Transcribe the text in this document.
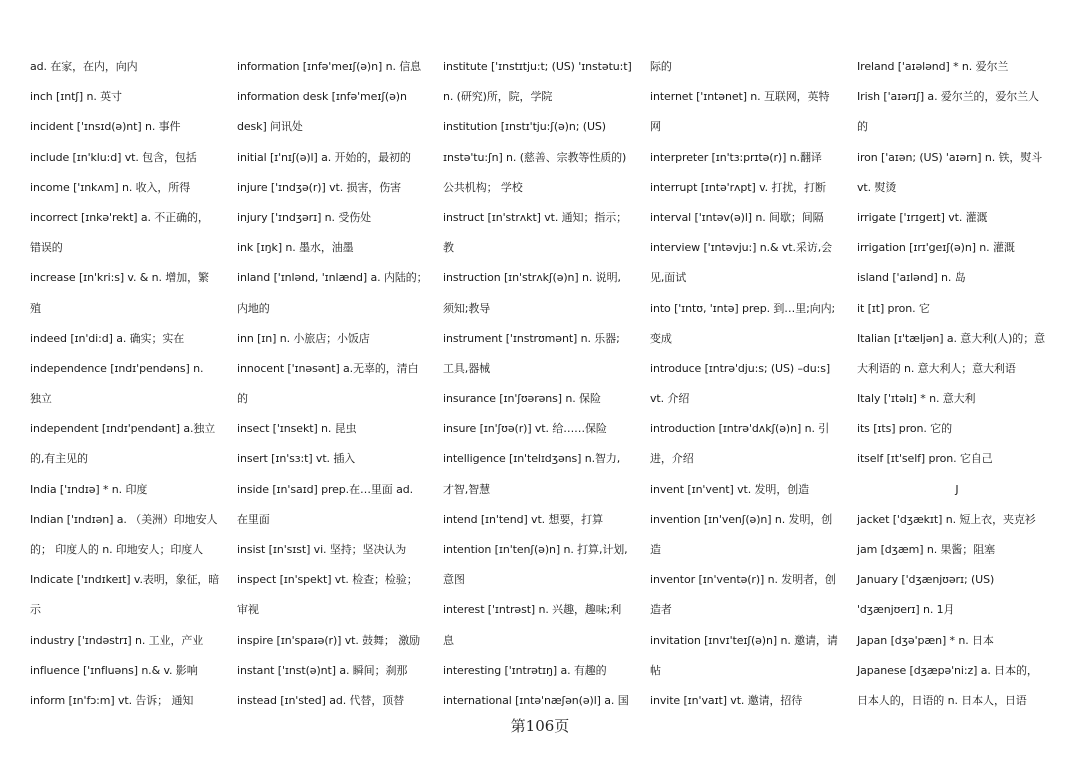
ad. 在家，在内，向内
inch [ɪntʃ] n. 英寸
incident ['ɪnsɪd(ə)nt] n. 事件
include [ɪn'klu:d] vt. 包含，包括
income ['ɪnkʌm] n. 收入，所得
incorrect [ɪnkə'rekt] a. 不正确的，
错误的
increase [ɪn'kri:s] v. & n. 增加，繁
殖
indeed [ɪn'di:d] a. 确实；实在
independence [ɪndɪ'pendəns] n.
独立
independent [ɪndɪ'pendənt] a.独立
的,有主见的
India ['ɪndɪə] * n. 印度
Indian ['ɪndɪən] a. （美洲）印地安人
的； 印度人的 n. 印地安人；印度人
Indicate ['ɪndɪkeɪt] v.表明，象征，暗
示
industry ['ɪndəstrɪ] n. 工业，产业
influence ['ɪnfluəns] n.& v. 影响
inform [ɪn'fɔ:m] vt. 告诉； 通知
information [ɪnfə'meɪʃ(ə)n] n. 信息
information desk [ɪnfə'meɪʃ(ə)n
desk] 问讯处
initial [ɪ'nɪʃ(ə)l] a. 开始的，最初的
injure ['ɪndʒə(r)] vt. 损害，伤害
injury ['ɪndʒərɪ] n. 受伤处
ink [ɪŋk] n. 墨水，油墨
inland ['ɪnlənd, 'ɪnlænd] a. 内陆的；
内地的
inn [ɪn] n. 小旅店；小饭店
innocent ['ɪnəsənt] a.无辜的，清白
的
insect ['ɪnsekt] n. 昆虫
insert [ɪn'sɜ:t] vt. 插入
inside [ɪn'saɪd] prep.在…里面 ad.
在里面
insist [ɪn'sɪst] vi. 坚持；坚决认为
inspect [ɪn'spekt] vt. 检查；检验；
审视
inspire [ɪn'spaɪə(r)] vt. 鼓舞； 激励
instant ['ɪnst(ə)nt] a. 瞬间；刹那
instead [ɪn'sted] ad. 代替，顶替
institute ['ɪnstɪtju:t; (US) 'ɪnstətu:t]
n. (研究)所，院，学院
institution [ɪnstɪ'tju:ʃ(ə)n; (US)
ɪnstə'tu:ʃn] n. (慈善、宗教等性质的)
公共机构； 学校
instruct [ɪn'strʌkt] vt. 通知；指示；
教
instruction [ɪn'strʌkʃ(ə)n] n. 说明,
须知;教导
instrument ['ɪnstrʊmənt] n. 乐器;
工具,器械
insurance [ɪn'ʃʊərəns] n. 保险
insure [ɪn'ʃʊə(r)] vt. 给……保险
intelligence [ɪn'telɪdʒəns] n.智力,
才智,智慧
intend [ɪn'tend] vt. 想要，打算
intention [ɪn'tenʃ(ə)n] n. 打算,计划,
意图
interest ['ɪntrəst] n. 兴趣，趣味;利
息
interesting ['ɪntrətɪŋ] a. 有趣的
international [ɪntə'næʃən(ə)l] a. 国
际的
internet ['ɪntənet] n. 互联网，英特
网
interpreter [ɪn'tɜ:prɪtə(r)] n.翻译
interrupt [ɪntə'rʌpt] v. 打扰，打断
interval ['ɪntəv(ə)l] n. 间歇；间隔
interview ['ɪntəvju:] n.& vt.采访,会
见,面试
into ['ɪntʊ, 'ɪntə] prep. 到…里;向内;
变成
introduce [ɪntrə'dju:s; (US) –du:s]
vt. 介绍
introduction [ɪntrə'dʌkʃ(ə)n] n. 引
进，介绍
invent [ɪn'vent] vt. 发明，创造
invention [ɪn'venʃ(ə)n] n. 发明，创
造
inventor [ɪn'ventə(r)] n. 发明者，创
造者
invitation [ɪnvɪ'teɪʃ(ə)n] n. 邀请，请
帖
invite [ɪn'vaɪt] vt. 邀请，招待
Ireland ['aɪələnd] * n. 爱尔兰
Irish ['aɪərɪʃ] a. 爱尔兰的，爱尔兰人
的
iron ['aɪən; (US) 'aɪərn] n. 铁，熨斗
vt. 熨烫
irrigate ['ɪrɪgeɪt] vt. 灌溉
irrigation [ɪrɪ'geɪʃ(ə)n] n. 灌溉
island ['aɪlənd] n. 岛
it [ɪt] pron. 它
Italian [ɪ'tæljən] a. 意大利(人)的；意
大利语的 n. 意大利人；意大利语
Italy ['ɪtəlɪ] * n. 意大利
its [ɪts] pron. 它的
itself [ɪt'self] pron. 它自己
J
jacket ['dʒækɪt] n. 短上衣，夹克衫
jam [dʒæm] n. 果酱；阻塞
January ['dʒænjʊərɪ; (US)
'dʒænjʊerɪ] n. 1月
Japan [dʒə'pæn] * n. 日本
Japanese [dʒæpə'ni:z] a. 日本的，
日本人的，日语的 n. 日本人，日语
第106页
